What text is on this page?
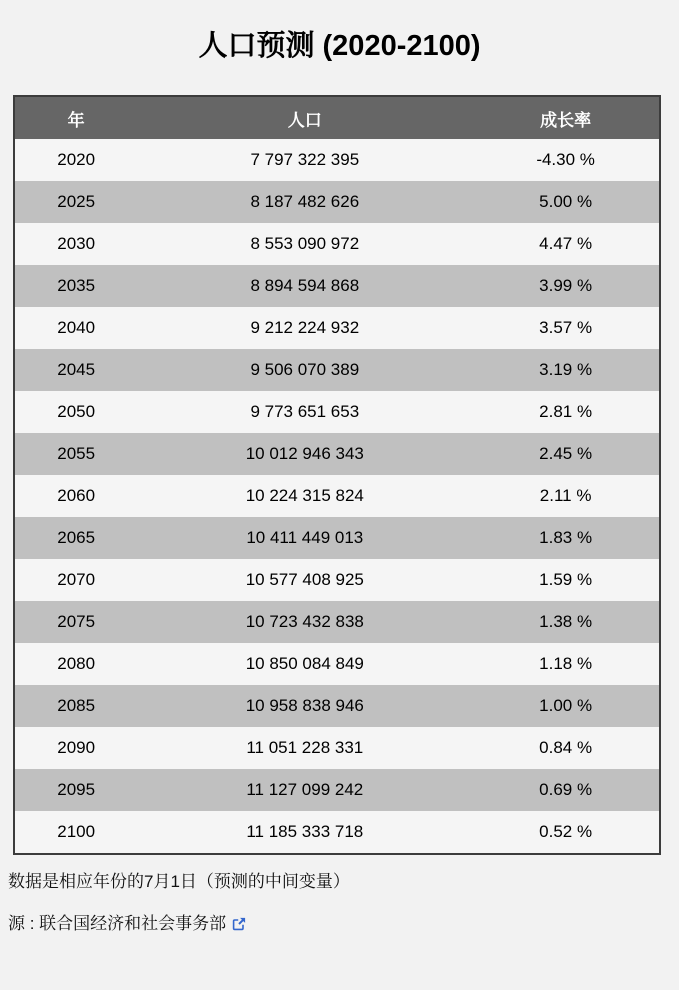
人口预测 (2020-2100)
年	人口	成长率
2020	7 797 322 395	-4.30 %
2025	8 187 482 626	5.00 %
2030	8 553 090 972	4.47 %
2035	8 894 594 868	3.99 %
2040	9 212 224 932	3.57 %
2045	9 506 070 389	3.19 %
2050	9 773 651 653	2.81 %
2055	10 012 946 343	2.45 %
2060	10 224 315 824	2.11 %
2065	10 411 449 013	1.83 %
2070	10 577 408 925	1.59 %
2075	10 723 432 838	1.38 %
2080	10 850 084 849	1.18 %
2085	10 958 838 946	1.00 %
2090	11 051 228 331	0.84 %
2095	11 127 099 242	0.69 %
2100	11 185 333 718	0.52 %

数据是相应年份的7月1日（预测的中间变量）

源 : 联合国经济和社会事务部
